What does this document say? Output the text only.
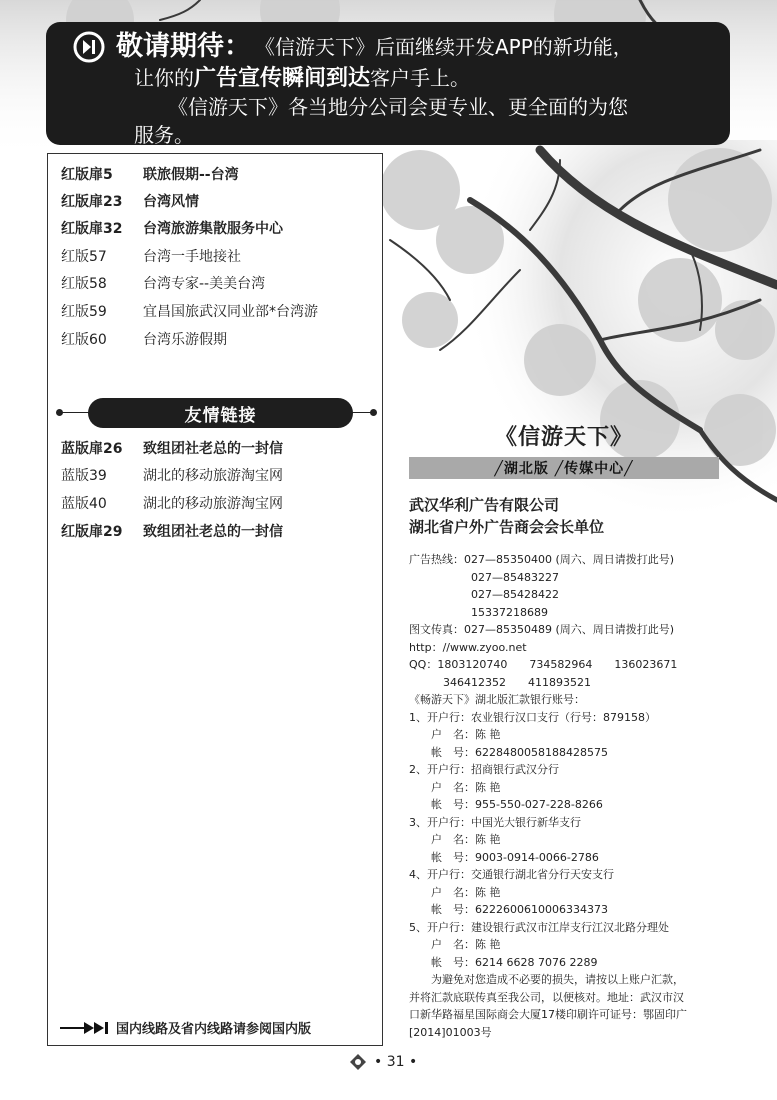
敬请期待： 《信游天下》后面继续开发APP的新功能，
让你的广告宣传瞬间到达客户手上。
《信游天下》各当地分公司会更专业、更全面的为您
服务。
红版扉5	联旅假期--台湾
红版扉23	台湾风情
红版扉32	台湾旅游集散服务中心
红版57	台湾一手地接社
红版58	台湾专家--美美台湾
红版59	宜昌国旅武汉同业部*台湾游
红版60	台湾乐游假期
友情链接
蓝版扉26	致组团社老总的一封信
蓝版39	湖北的移动旅游淘宝网
蓝版40	湖北的移动旅游淘宝网
红版扉29	致组团社老总的一封信
国内线路及省内线路请参阅国内版
《信游天下》
╱湖北版 ╱传媒中心╱
武汉华利广告有限公司
湖北省户外广告商会会长单位
广告热线：027—85350400 (周六、周日请拨打此号)
027—85483227
027—85428422
15337218689
图文传真：027—85350489 (周六、周日请拨打此号)
http：//www.zyoo.net
QQ：1803120740 734582964 136023671
346412352 411893521
《畅游天下》湖北版汇款银行账号：
1、开户行：农业银行汉口支行（行号：879158）
户　名：陈 艳
帐　号：6228480058188428575
2、开户行：招商银行武汉分行
户　名：陈 艳
帐　号：955-550-027-228-8266
3、开户行：中国光大银行新华支行
户　名：陈 艳
帐　号：9003-0914-0066-2786
4、开户行：交通银行湖北省分行天安支行
户　名：陈 艳
帐　号：6222600610006334373
5、开户行：建设银行武汉市江岸支行江汉北路分理处
户　名：陈 艳
帐　号：6214 6628 7076 2289
为避免对您造成不必要的损失，请按以上账户汇款，
并将汇款底联传真至我公司，以便核对。地址：武汉市汉
口新华路福星国际商会大厦17楼印刷许可证号：鄂固印广
[2014]01003号
• 31 •
